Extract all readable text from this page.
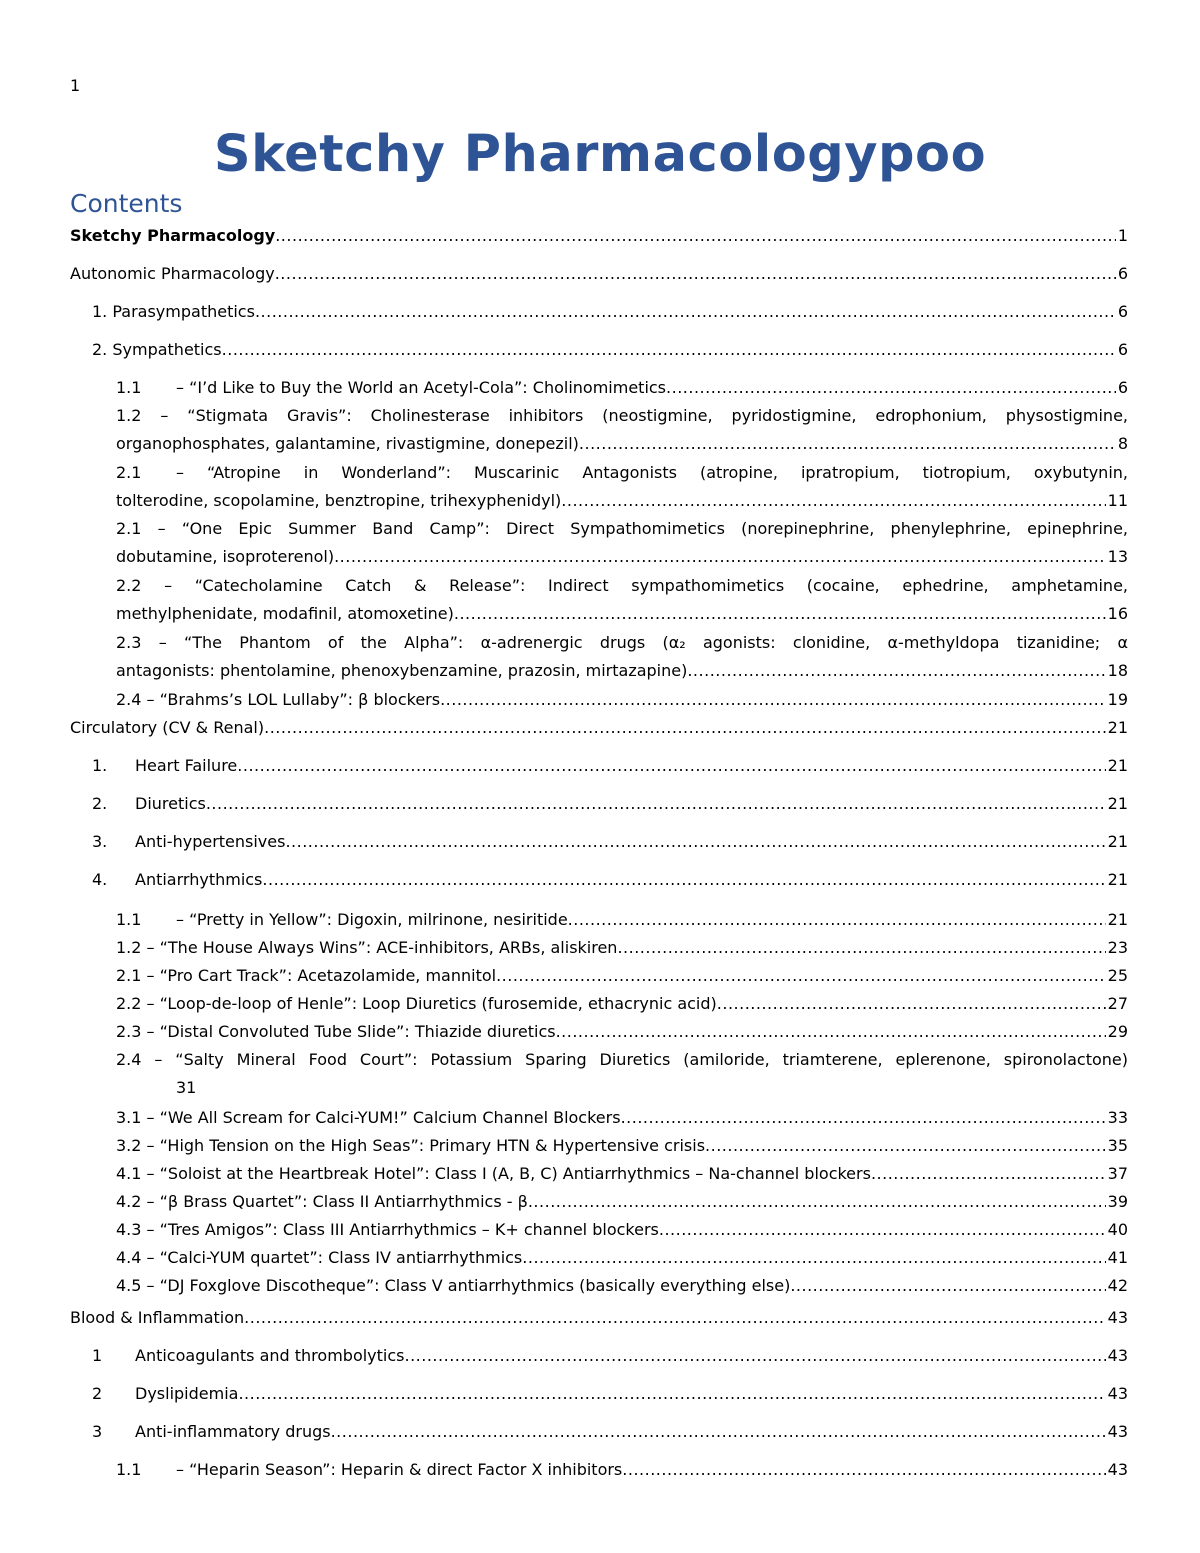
1
Sketchy Pharmacologypoo
Contents
Sketchy Pharmacology .....	1
Autonomic Pharmacology .....	6
1. Parasympathetics .....	6
2. Sympathetics .....	6
1.1	– “I’d Like to Buy the World an Acetyl-Cola”: Cholinomimetics .....	6
1.2 – “Stigmata Gravis”: Cholinesterase inhibitors (neostigmine, pyridostigmine, edrophonium, physostigmine,
organophosphates, galantamine, rivastigmine, donepezil) .....	8
2.1	– “Atropine in Wonderland”: Muscarinic Antagonists (atropine, ipratropium, tiotropium, oxybutynin,
tolterodine, scopolamine, benztropine, trihexyphenidyl) .....	11
2.1 – “One Epic Summer Band Camp”: Direct Sympathomimetics (norepinephrine, phenylephrine, epinephrine,
dobutamine, isoproterenol) .....	13
2.2 – “Catecholamine Catch & Release”: Indirect sympathomimetics (cocaine, ephedrine, amphetamine,
methylphenidate, modafinil, atomoxetine) .....	16
2.3 – “The Phantom of the Alpha”: α-adrenergic drugs (α₂ agonists: clonidine, α-methyldopa tizanidine; α
antagonists: phentolamine, phenoxybenzamine, prazosin, mirtazapine) .....	18
2.4 – “Brahms’s LOL Lullaby”: β blockers .....	19
Circulatory (CV & Renal) .....	21
1.	Heart Failure .....	21
2.	Diuretics .....	21
3.	Anti-hypertensives .....	21
4.	Antiarrhythmics .....	21
1.1	– “Pretty in Yellow”: Digoxin, milrinone, nesiritide .....	21
1.2 – “The House Always Wins”: ACE-inhibitors, ARBs, aliskiren .....	23
2.1 – “Pro Cart Track”: Acetazolamide, mannitol .....	25
2.2 – “Loop-de-loop of Henle”: Loop Diuretics (furosemide, ethacrynic acid) .....	27
2.3 – “Distal Convoluted Tube Slide”: Thiazide diuretics .....	29
2.4 – “Salty Mineral Food Court”: Potassium Sparing Diuretics (amiloride, triamterene, eplerenone, spironolactone)
31
3.1 – “We All Scream for Calci-YUM!” Calcium Channel Blockers .....	33
3.2 – “High Tension on the High Seas”: Primary HTN & Hypertensive crisis .....	35
4.1 – “Soloist at the Heartbreak Hotel”: Class I (A, B, C) Antiarrhythmics – Na-channel blockers .....	37
4.2 – “β Brass Quartet”: Class II Antiarrhythmics - β .....	39
4.3 – “Tres Amigos”: Class III Antiarrhythmics – K+ channel blockers .....	40
4.4 – “Calci-YUM quartet”: Class IV antiarrhythmics .....	41
4.5 – “DJ Foxglove Discotheque”: Class V antiarrhythmics (basically everything else) .....	42
Blood & Inflammation .....	43
1	Anticoagulants and thrombolytics .....	43
2	Dyslipidemia .....	43
3	Anti-inflammatory drugs .....	43
1.1	– “Heparin Season”: Heparin & direct Factor X inhibitors .....	43
